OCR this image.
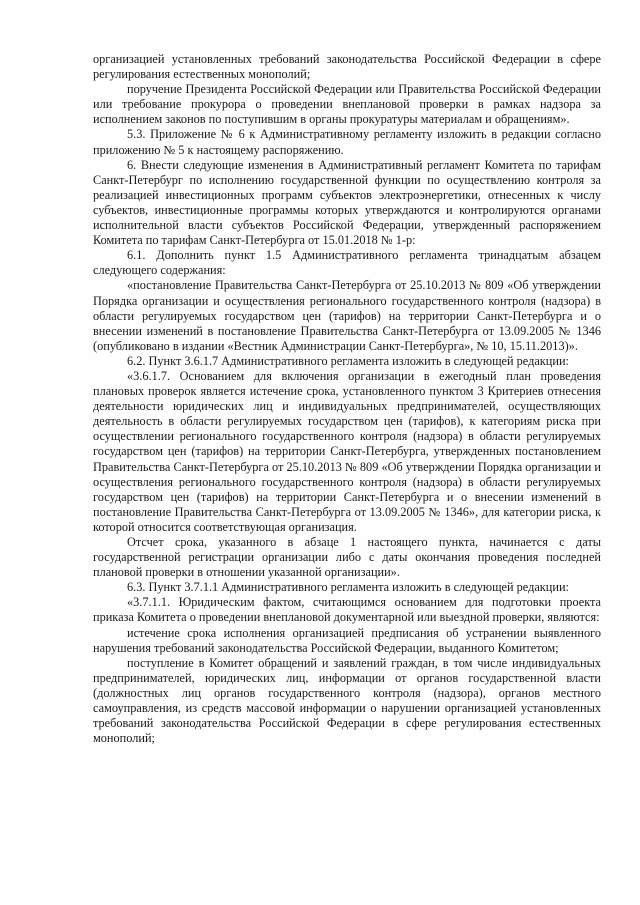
организацией установленных требований законодательства Российской Федерации в сфере регулирования естественных монополий;

поручение Президента Российской Федерации или Правительства Российской Федерации или требование прокурора о проведении внеплановой проверки в рамках надзора за исполнением законов по поступившим в органы прокуратуры материалам и обращениям».

5.3. Приложение № 6 к Административному регламенту изложить в редакции согласно приложению № 5 к настоящему распоряжению.

6. Внести следующие изменения в Административный регламент Комитета по тарифам Санкт-Петербург по исполнению государственной функции по осуществлению контроля за реализацией инвестиционных программ субъектов электроэнергетики, отнесенных к числу субъектов, инвестиционные программы которых утверждаются и контролируются органами исполнительной власти субъектов Российской Федерации, утвержденный распоряжением Комитета по тарифам Санкт-Петербурга от 15.01.2018 № 1-р:

6.1. Дополнить пункт 1.5 Административного регламента тринадцатым абзацем следующего содержания:

«постановление Правительства Санкт-Петербурга от 25.10.2013 № 809 «Об утверждении Порядка организации и осуществления регионального государственного контроля (надзора) в области регулируемых государством цен (тарифов) на территории Санкт-Петербурга и о внесении изменений в постановление Правительства Санкт-Петербурга от 13.09.2005 № 1346 (опубликовано в издании «Вестник Администрации Санкт-Петербурга», № 10, 15.11.2013)».

6.2. Пункт 3.6.1.7 Административного регламента изложить в следующей редакции:

«3.6.1.7. Основанием для включения организации в ежегодный план проведения плановых проверок является истечение срока, установленного пунктом 3 Критериев отнесения деятельности юридических лиц и индивидуальных предпринимателей, осуществляющих деятельность в области регулируемых государством цен (тарифов), к категориям риска при осуществлении регионального государственного контроля (надзора) в области регулируемых государством цен (тарифов) на территории Санкт-Петербурга, утвержденных постановлением Правительства Санкт-Петербурга от 25.10.2013 № 809 «Об утверждении Порядка организации и осуществления регионального государственного контроля (надзора) в области регулируемых государством цен (тарифов) на территории Санкт-Петербурга и о внесении изменений в постановление Правительства Санкт-Петербурга от 13.09.2005 № 1346», для категории риска, к которой относится соответствующая организация.

Отсчет срока, указанного в абзаце 1 настоящего пункта, начинается с даты государственной регистрации организации либо с даты окончания проведения последней плановой проверки в отношении указанной организации».

6.3. Пункт 3.7.1.1 Административного регламента изложить в следующей редакции:

«3.7.1.1. Юридическим фактом, считающимся основанием для подготовки проекта приказа Комитета о проведении внеплановой документарной или выездной проверки, являются:

истечение срока исполнения организацией предписания об устранении выявленного нарушения требований законодательства Российской Федерации, выданного Комитетом;

поступление в Комитет обращений и заявлений граждан, в том числе индивидуальных предпринимателей, юридических лиц, информации от органов государственной власти (должностных лиц органов государственного контроля (надзора), органов местного самоуправления, из средств массовой информации о нарушении организацией установленных требований законодательства Российской Федерации в сфере регулирования естественных монополий;
